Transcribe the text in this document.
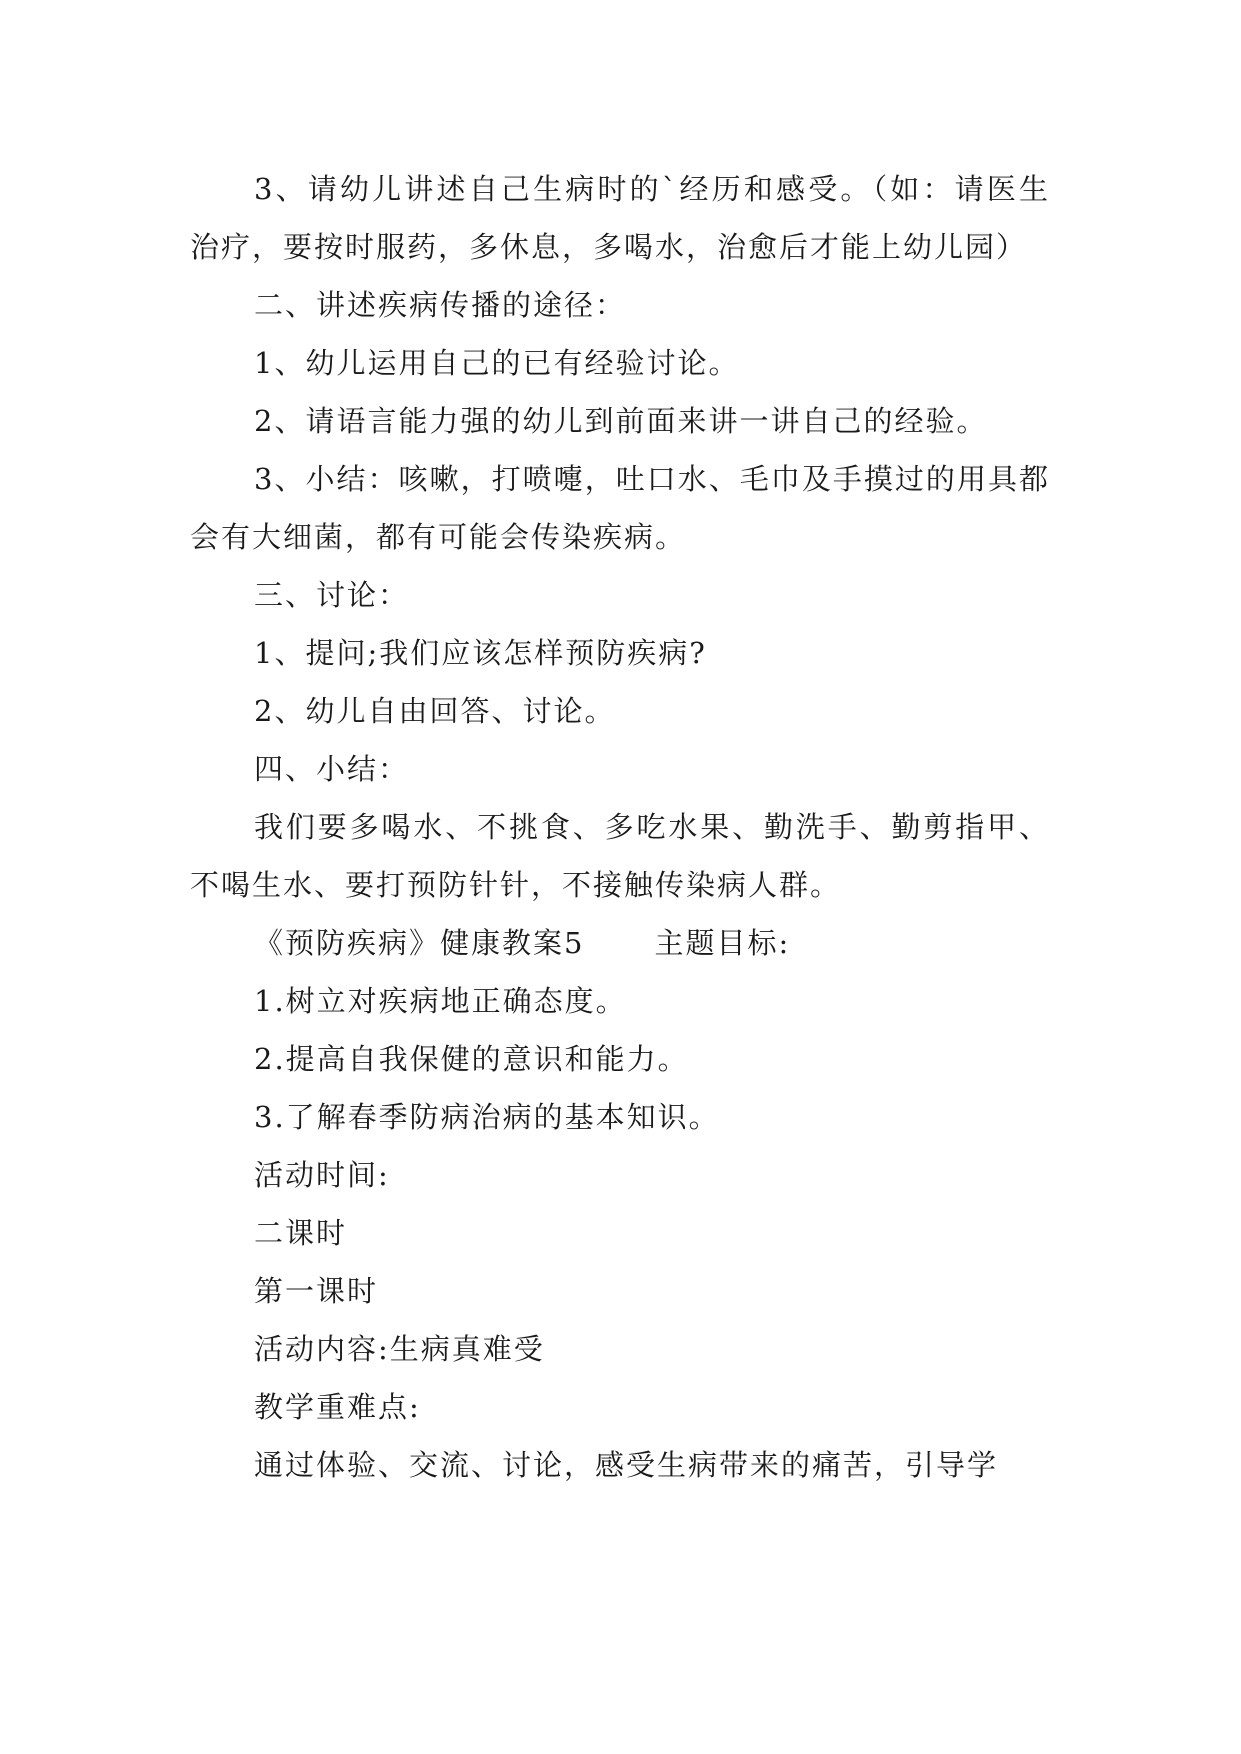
3、请幼儿讲述自己生病时的`经历和感受。（如：请医生治疗，要按时服药，多休息，多喝水，治愈后才能上幼儿园）

二、讲述疾病传播的途径：

1、幼儿运用自己的已有经验讨论。

2、请语言能力强的幼儿到前面来讲一讲自己的经验。

3、小结：咳嗽，打喷嚏，吐口水、毛巾及手摸过的用具都会有大细菌，都有可能会传染疾病。

三、讨论：

1、提问;我们应该怎样预防疾病?

2、幼儿自由回答、讨论。

四、小结：

我们要多喝水、不挑食、多吃水果、勤洗手、勤剪指甲、不喝生水、要打预防针针，不接触传染病人群。

《预防疾病》健康教案5 主题目标:

1.树立对疾病地正确态度。

2.提高自我保健的意识和能力。

3.了解春季防病治病的基本知识。

活动时间:

二课时

第一课时

活动内容:生病真难受

教学重难点:

通过体验、交流、讨论，感受生病带来的痛苦，引导学
